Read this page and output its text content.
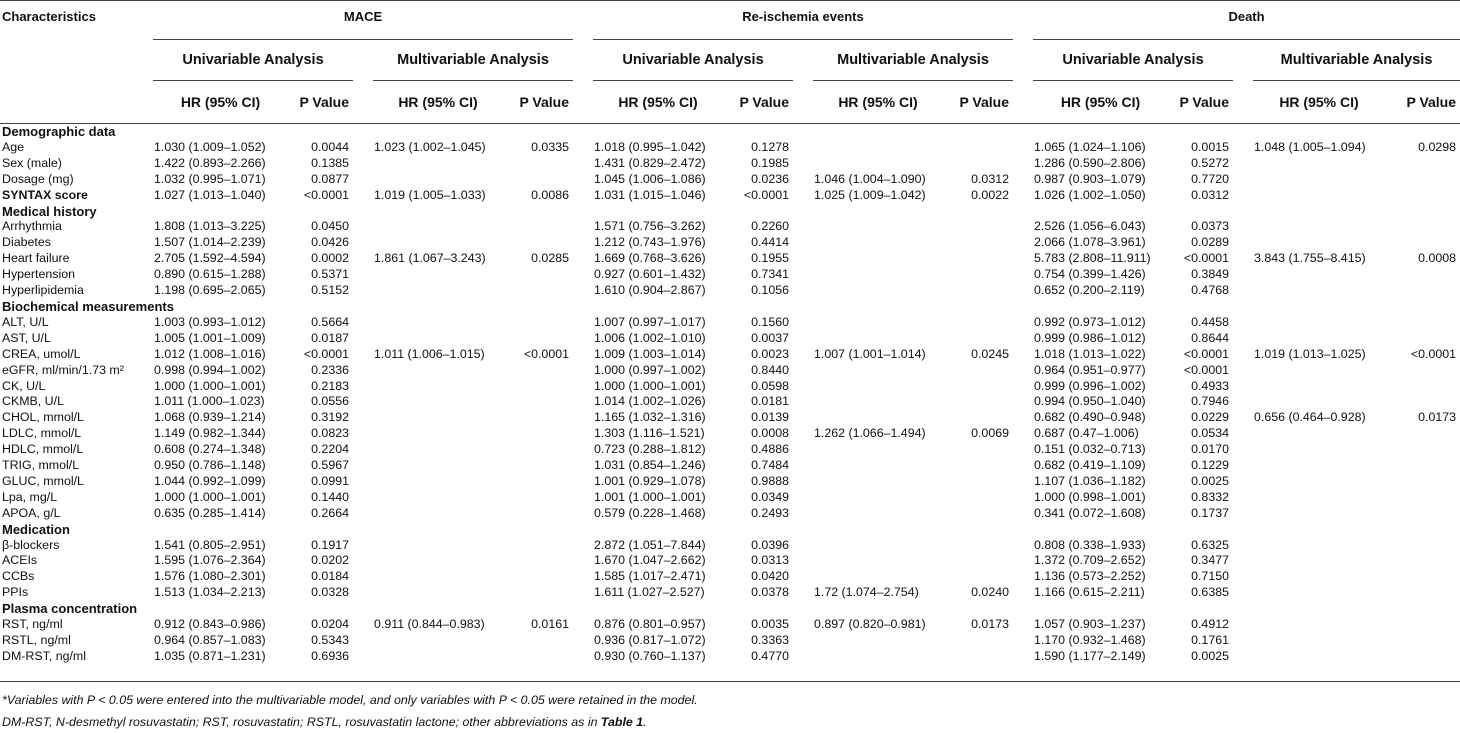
Characteristics	MACE						Re-ischemia events						Death				
	Univariable Analysis			Multivariable Analysis			Univariable Analysis			Multivariable Analysis			Univariable Analysis			Multivariable Analysis	
	HR (95% CI)	P Value		HR (95% CI)	P Value		HR (95% CI)	P Value		HR (95% CI)	P Value		HR (95% CI)	P Value		HR (95% CI)	P Value
Demographic data																	
Age	1.030 (1.009–1.052)	0.0044		1.023 (1.002–1.045)	0.0335		1.018 (0.995–1.042)	0.1278					1.065 (1.024–1.106)	0.0015		1.048 (1.005–1.094)	0.0298
Sex (male)	1.422 (0.893–2.266)	0.1385					1.431 (0.829–2.472)	0.1985					1.286 (0.590–2.806)	0.5272			
Dosage (mg)	1.032 (0.995–1.071)	0.0877					1.045 (1.006–1.086)	0.0236		1.046 (1.004–1.090)	0.0312		0.987 (0.903–1.079)	0.7720			
SYNTAX score	1.027 (1.013–1.040)	<0.0001		1.019 (1.005–1.033)	0.0086		1.031 (1.015–1.046)	<0.0001		1.025 (1.009–1.042)	0.0022		1.026 (1.002–1.050)	0.0312			
Medical history																	
Arrhythmia	1.808 (1.013–3.225)	0.0450					1.571 (0.756–3.262)	0.2260					2.526 (1.056–6.043)	0.0373			
Diabetes	1.507 (1.014–2.239)	0.0426					1.212 (0.743–1.976)	0.4414					2.066 (1.078–3.961)	0.0289			
Heart failure	2.705 (1.592–4.594)	0.0002		1.861 (1.067–3.243)	0.0285		1.669 (0.768–3.626)	0.1955					5.783 (2.808–11.911)	<0.0001		3.843 (1.755–8.415)	0.0008
Hypertension	0.890 (0.615–1.288)	0.5371					0.927 (0.601–1.432)	0.7341					0.754 (0.399–1.426)	0.3849			
Hyperlipidemia	1.198 (0.695–2.065)	0.5152					1.610 (0.904–2.867)	0.1056					0.652 (0.200–2.119)	0.4768			
Biochemical measurements																	
ALT, U/L	1.003 (0.993–1.012)	0.5664					1.007 (0.997–1.017)	0.1560					0.992 (0.973–1.012)	0.4458			
AST, U/L	1.005 (1.001–1.009)	0.0187					1.006 (1.002–1.010)	0.0037					0.999 (0.986–1.012)	0.8644			
CREA, umol/L	1.012 (1.008–1.016)	<0.0001		1.011 (1.006–1.015)	<0.0001		1.009 (1.003–1.014)	0.0023		1.007 (1.001–1.014)	0.0245		1.018 (1.013–1.022)	<0.0001		1.019 (1.013–1.025)	<0.0001
eGFR, ml/min/1.73 m²	0.998 (0.994–1.002)	0.2336					1.000 (0.997–1.002)	0.8440					0.964 (0.951–0.977)	<0.0001			
CK, U/L	1.000 (1.000–1.001)	0.2183					1.000 (1.000–1.001)	0.0598					0.999 (0.996–1.002)	0.4933			
CKMB, U/L	1.011 (1.000–1.023)	0.0556					1.014 (1.002–1.026)	0.0181					0.994 (0.950–1.040)	0.7946			
CHOL, mmol/L	1.068 (0.939–1.214)	0.3192					1.165 (1.032–1.316)	0.0139					0.682 (0.490–0.948)	0.0229		0.656 (0.464–0.928)	0.0173
LDLC, mmol/L	1.149 (0.982–1.344)	0.0823					1.303 (1.116–1.521)	0.0008		1.262 (1.066–1.494)	0.0069		0.687 (0.47–1.006)	0.0534			
HDLC, mmol/L	0.608 (0.274–1.348)	0.2204					0.723 (0.288–1.812)	0.4886					0.151 (0.032–0.713)	0.0170			
TRIG, mmol/L	0.950 (0.786–1.148)	0.5967					1.031 (0.854–1.246)	0.7484					0.682 (0.419–1.109)	0.1229			
GLUC, mmol/L	1.044 (0.992–1.099)	0.0991					1.001 (0.929–1.078)	0.9888					1.107 (1.036–1.182)	0.0025			
Lpa, mg/L	1.000 (1.000–1.001)	0.1440					1.001 (1.000–1.001)	0.0349					1.000 (0.998–1.001)	0.8332			
APOA, g/L	0.635 (0.285–1.414)	0.2664					0.579 (0.228–1.468)	0.2493					0.341 (0.072–1.608)	0.1737			
Medication																	
β-blockers	1.541 (0.805–2.951)	0.1917					2.872 (1.051–7.844)	0.0396					0.808 (0.338–1.933)	0.6325			
ACEIs	1.595 (1.076–2.364)	0.0202					1.670 (1.047–2.662)	0.0313					1.372 (0.709–2.652)	0.3477			
CCBs	1.576 (1.080–2.301)	0.0184					1.585 (1.017–2.471)	0.0420					1.136 (0.573–2.252)	0.7150			
PPIs	1.513 (1.034–2.213)	0.0328					1.611 (1.027–2.527)	0.0378		1.72 (1.074–2.754)	0.0240		1.166 (0.615–2.211)	0.6385			
Plasma concentration																	
RST, ng/ml	0.912 (0.843–0.986)	0.0204		0.911 (0.844–0.983)	0.0161		0.876 (0.801–0.957)	0.0035		0.897 (0.820–0.981)	0.0173		1.057 (0.903–1.237)	0.4912			
RSTL, ng/ml	0.964 (0.857–1.083)	0.5343					0.936 (0.817–1.072)	0.3363					1.170 (0.932–1.468)	0.1761			
DM-RST, ng/ml	1.035 (0.871–1.231)	0.6936					0.930 (0.760–1.137)	0.4770					1.590 (1.177–2.149)	0.0025			

*Variables with P < 0.05 were entered into the multivariable model, and only variables with P < 0.05 were retained in the model.
DM-RST, N-desmethyl rosuvastatin; RST, rosuvastatin; RSTL, rosuvastatin lactone; other abbreviations as in Table 1.
